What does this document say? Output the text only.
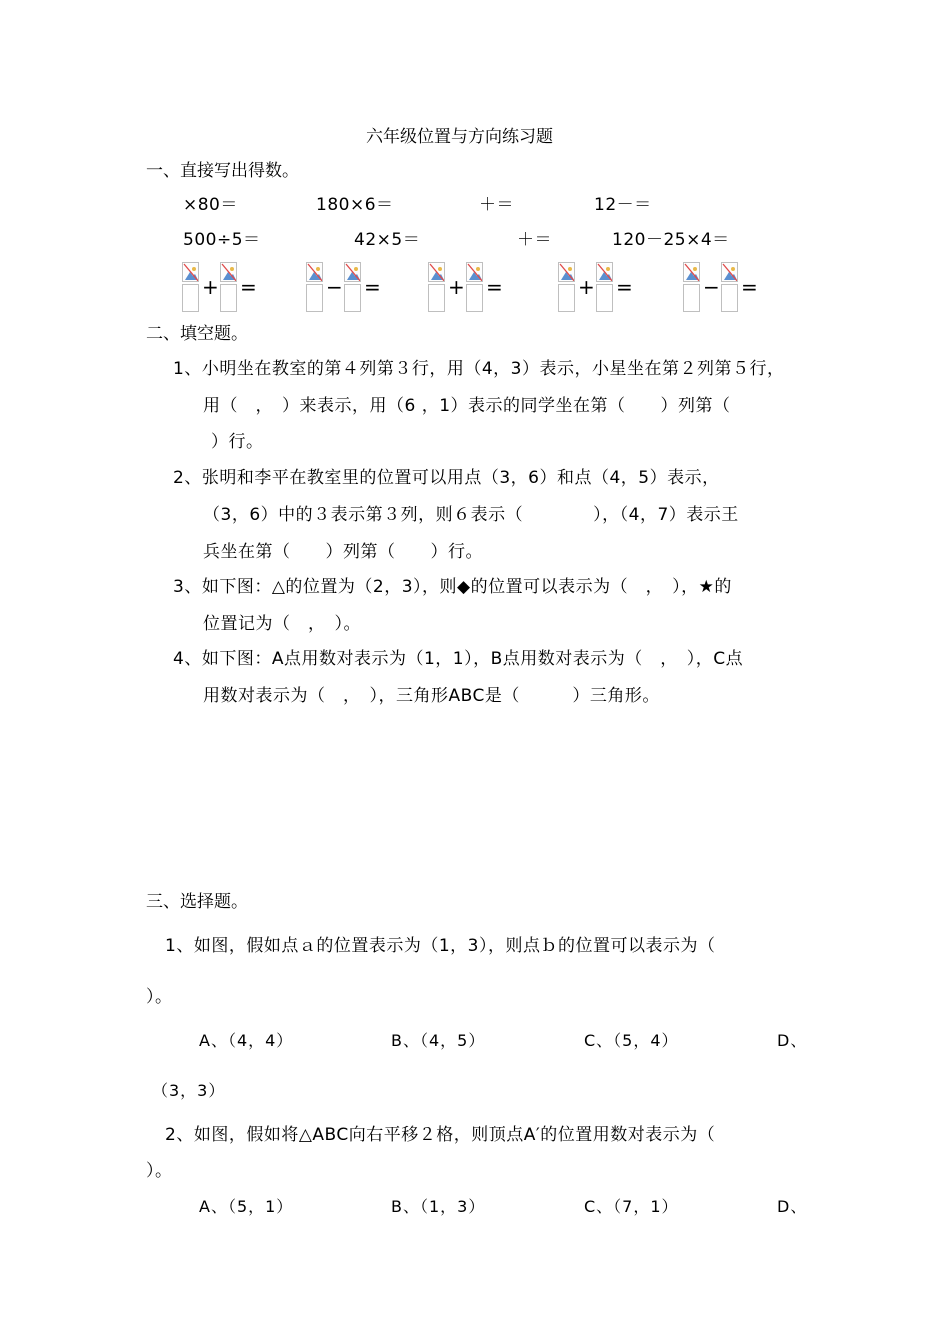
六年级位置与方向练习题
一、直接写出得数。
×80＝	180×6＝	＋＝	12－＝
500÷5＝	42×5＝	＋＝	120－25×4＝
+ =	− =	+ =	+ =	− =
二、填空题。
1、小明坐在教室的第４列第３行，用（4，3）表示，小星坐在第２列第５行，
用（　，　）来表示，用（6 ，1）表示的同学坐在第（　　）列第（
）行。
2、张明和李平在教室里的位置可以用点（3，6）和点（4，5）表示，
（3，6）中的３表示第３列，则６表示（　　　　），（4，7）表示王
兵坐在第（　　）列第（　　）行。
3、如下图：△的位置为（2，3），则◆的位置可以表示为（　，　），★的
位置记为（　，　）。
4、如下图：A点用数对表示为（1，1），B点用数对表示为（　，　），C点
用数对表示为（　，　），三角形ABC是（　　　）三角形。
三、选择题。
1、如图，假如点ａ的位置表示为（1，3），则点ｂ的位置可以表示为（
）。
A、（4，4）	B、（4，5）	C、（5，4）	D、
（3，3）
2、如图，假如将△ABC向右平移２格，则顶点A′的位置用数对表示为（
）。
A、（5，1）	B、（1，3）	C、（7，1）	D、
